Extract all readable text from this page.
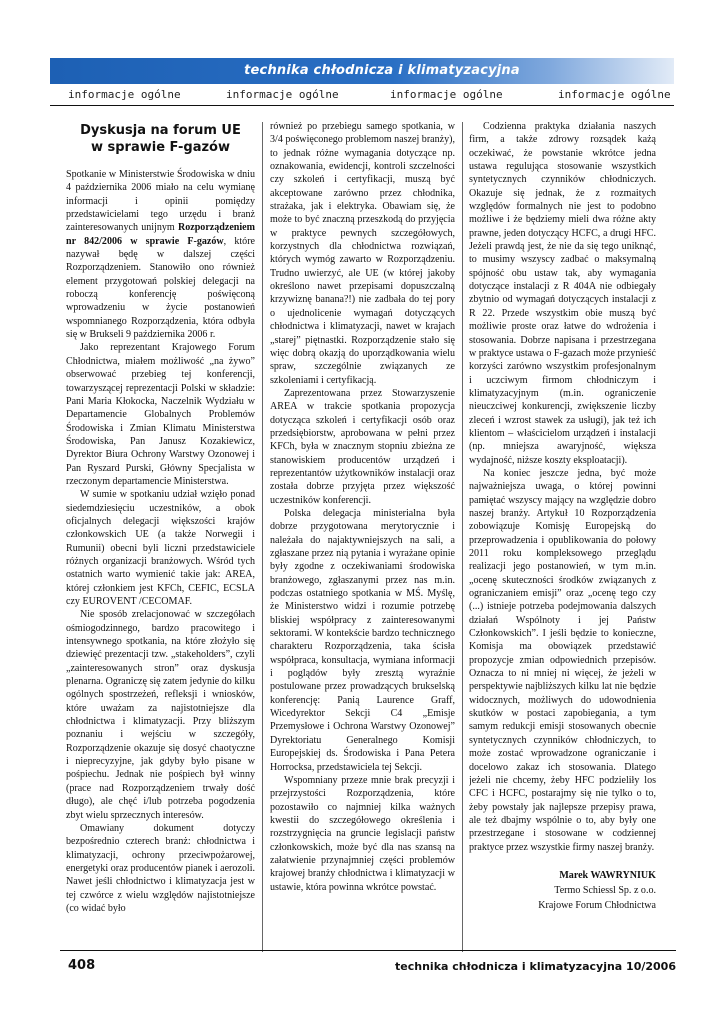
technika chłodnicza i klimatyzacyjna
informacje ogólne	informacje ogólne	informacje ogólne	informacje ogólne
Dyskusja na forum UE
w sprawie F-gazów

Spotkanie w Ministerstwie Środowiska w dniu 4 października 2006 miało na celu wymianę informacji i opinii pomiędzy przedstawicielami tego urzędu i branż zainteresowanych unijnym Rozporządzeniem nr 842/2006 w sprawie F-gazów, które nazywał będę w dalszej części Rozporządzeniem. Stanowiło ono również element przygotowań polskiej delegacji na roboczą konferencję poświęconą wprowadzeniu w życie postanowień wspomnianego Rozporządzenia, która odbyła się w Brukseli 9 października 2006 r.

Jako reprezentant Krajowego Forum Chłodnictwa, miałem możliwość „na żywo” obserwować przebieg tej konferencji, towarzyszącej reprezentacji Polski w składzie: Pani Maria Kłokocka, Naczelnik Wydziału w Departamencie Globalnych Problemów Środowiska i Zmian Klimatu Ministerstwa Środowiska, Pan Janusz Kozakiewicz, Dyrektor Biura Ochrony Warstwy Ozonowej i Pan Ryszard Purski, Główny Specjalista w rzeczonym departamencie Ministerstwa.

W sumie w spotkaniu udział wzięło ponad siedemdziesięciu uczestników, a obok oficjalnych delegacji większości krajów członkowskich UE (a także Norwegii i Rumunii) obecni byli liczni przedstawiciele różnych organizacji branżowych. Wśród tych ostatnich warto wymienić takie jak: AREA, której członkiem jest KFCh, CEFIC, ECSLA czy EUROVENT /CECOMAF.

Nie sposób zrelacjonować w szczegółach ośmiogodzinnego, bardzo pracowitego i intensywnego spotkania, na które złożyło się dziewięć prezentacji tzw. „stakeholders”, czyli „zainteresowanych stron” oraz dyskusja plenarna. Ograniczę się zatem jedynie do kilku ogólnych spostrzeżeń, refleksji i wniosków, które uważam za najistotniejsze dla chłodnictwa i klimatyzacji. Przy bliższym poznaniu i wejściu w szczegóły, Rozporządzenie okazuje się dosyć chaotyczne i nieprecyzyjne, jak gdyby było pisane w pośpiechu. Jednak nie pośpiech był winny (prace nad Rozporządzeniem trwały dość długo), ale chęć i/lub potrzeba pogodzenia zbyt wielu sprzecznych interesów.

Omawiany dokument dotyczy bezpośrednio czterech branż: chłodnictwa i klimatyzacji, ochrony przeciwpożarowej, energetyki oraz producentów pianek i aerozoli. Nawet jeśli chłodnictwo i klimatyzacja jest w tej czwórce z wielu względów najistotniejsze (co widać było

również po przebiegu samego spotkania, w 3/4 poświęconego problemom naszej branży), to jednak różne wymagania dotyczące np. oznakowania, ewidencji, kontroli szczelności czy szkoleń i certyfikacji, muszą być akceptowane zarówno przez chłodnika, strażaka, jak i elektryka. Obawiam się, że może to być znaczną przeszkodą do przyjęcia w praktyce pewnych szczegółowych, korzystnych dla chłodnictwa rozwiązań, których wymóg zawarto w Rozporządzeniu. Trudno uwierzyć, ale UE (w której jakoby określono nawet przepisami dopuszczalną krzywiznę banana?!) nie zadbała do tej pory o ujednolicenie wymagań dotyczących chłodnictwa i klimatyzacji, nawet w krajach „starej” piętnastki. Rozporządzenie stało się więc dobrą okazją do uporządkowania wielu spraw, szczególnie związanych ze szkoleniami i certyfikacją.

Zaprezentowana przez Stowarzyszenie AREA w trakcie spotkania propozycja dotycząca szkoleń i certyfikacji osób oraz przedsiębiorstw, aprobowana w pełni przez KFCh, była w znacznym stopniu zbieżna ze stanowiskiem producentów urządzeń i reprezentantów użytkowników instalacji oraz została dobrze przyjęta przez większość uczestników konferencji.

Polska delegacja ministerialna była dobrze przygotowana merytorycznie i należała do najaktywniejszych na sali, a zgłaszane przez nią pytania i wyrażane opinie były zgodne z oczekiwaniami środowiska branżowego, zgłaszanymi przez nas m.in. podczas ostatniego spotkania w MŚ. Myślę, że Ministerstwo widzi i rozumie potrzebę bliskiej współpracy z zainteresowanymi sektorami. W kontekście bardzo technicznego charakteru Rozporządzenia, taka ścisła współpraca, konsultacja, wymiana informacji i poglądów były zresztą wyraźnie postulowane przez prowadzących brukselską konferencję: Panią Laurence Graff, Wicedyrektor Sekcji C4 „Emisje Przemysłowe i Ochrona Warstwy Ozonowej” Dyrektoriatu Generalnego Komisji Europejskiej ds. Środowiska i Pana Petera Horrocksa, przedstawiciela tej Sekcji.

Wspomniany przeze mnie brak precyzji i przejrzystości Rozporządzenia, które pozostawiło co najmniej kilka ważnych kwestii do szczegółowego określenia i rozstrzygnięcia na gruncie legislacji państw członkowskich, może być dla nas szansą na załatwienie przynajmniej części problemów krajowej branży chłodnictwa i klimatyzacji w ustawie, która powinna wkrótce powstać.

Codzienna praktyka działania naszych firm, a także zdrowy rozsądek każą oczekiwać, że powstanie wkrótce jedna ustawa regulująca stosowanie wszystkich syntetycznych czynników chłodniczych. Okazuje się jednak, że z rozmaitych względów formalnych nie jest to podobno możliwe i że będziemy mieli dwa różne akty prawne, jeden dotyczący HCFC, a drugi HFC. Jeżeli prawdą jest, że nie da się tego uniknąć, to musimy wszyscy zadbać o maksymalną spójność obu ustaw tak, aby wymagania dotyczące instalacji z R 404A nie odbiegały zbytnio od wymagań dotyczących instalacji z R 22. Przede wszystkim obie muszą być możliwie proste oraz łatwe do wdrożenia i stosowania. Dobrze napisana i przestrzegana w praktyce ustawa o F-gazach może przynieść korzyści zarówno wszystkim profesjonalnym i uczciwym firmom chłodniczym i klimatyzacyjnym (m.in. ograniczenie nieuczciwej konkurencji, zwiększenie liczby zleceń i wzrost stawek za usługi), jak też ich klientom – właścicielom urządzeń i instalacji (np. mniejsza awaryjność, większa wydajność, niższe koszty eksploatacji).

Na koniec jeszcze jedna, być może najważniejsza uwaga, o której powinni pamiętać wszyscy mający na względzie dobro naszej branży. Artykuł 10 Rozporządzenia zobowiązuje Komisję Europejską do przeprowadzenia i opublikowania do połowy 2011 roku kompleksowego przeglądu realizacji jego postanowień, w tym m.in. „ocenę skuteczności środków związanych z ograniczaniem emisji” oraz „ocenę tego czy (...) istnieje potrzeba podejmowania dalszych działań Wspólnoty i jej Państw Członkowskich”. I jeśli będzie to konieczne, Komisja ma obowiązek przedstawić propozycje zmian odpowiednich przepisów. Oznacza to ni mniej ni więcej, że jeżeli w perspektywie najbliższych kilku lat nie będzie widocznych, możliwych do udowodnienia skutków w postaci zapobiegania, a tym samym redukcji emisji stosowanych obecnie syntetycznych czynników chłodniczych, to może zostać wprowadzone ograniczanie i docelowo zakaz ich stosowania. Dlatego jeżeli nie chcemy, żeby HFC podzieliły los CFC i HCFC, postarajmy się nie tylko o to, żeby powstały jak najlepsze przepisy prawa, ale też dbajmy wspólnie o to, aby były one przestrzegane i stosowane w codziennej praktyce przez wszystkie firmy naszej branży.

Marek WAWRYNIUK
Termo Schiessl Sp. z o.o.
Krajowe Forum Chłodnictwa
408	technika chłodnicza i klimatyzacyjna 10/2006
